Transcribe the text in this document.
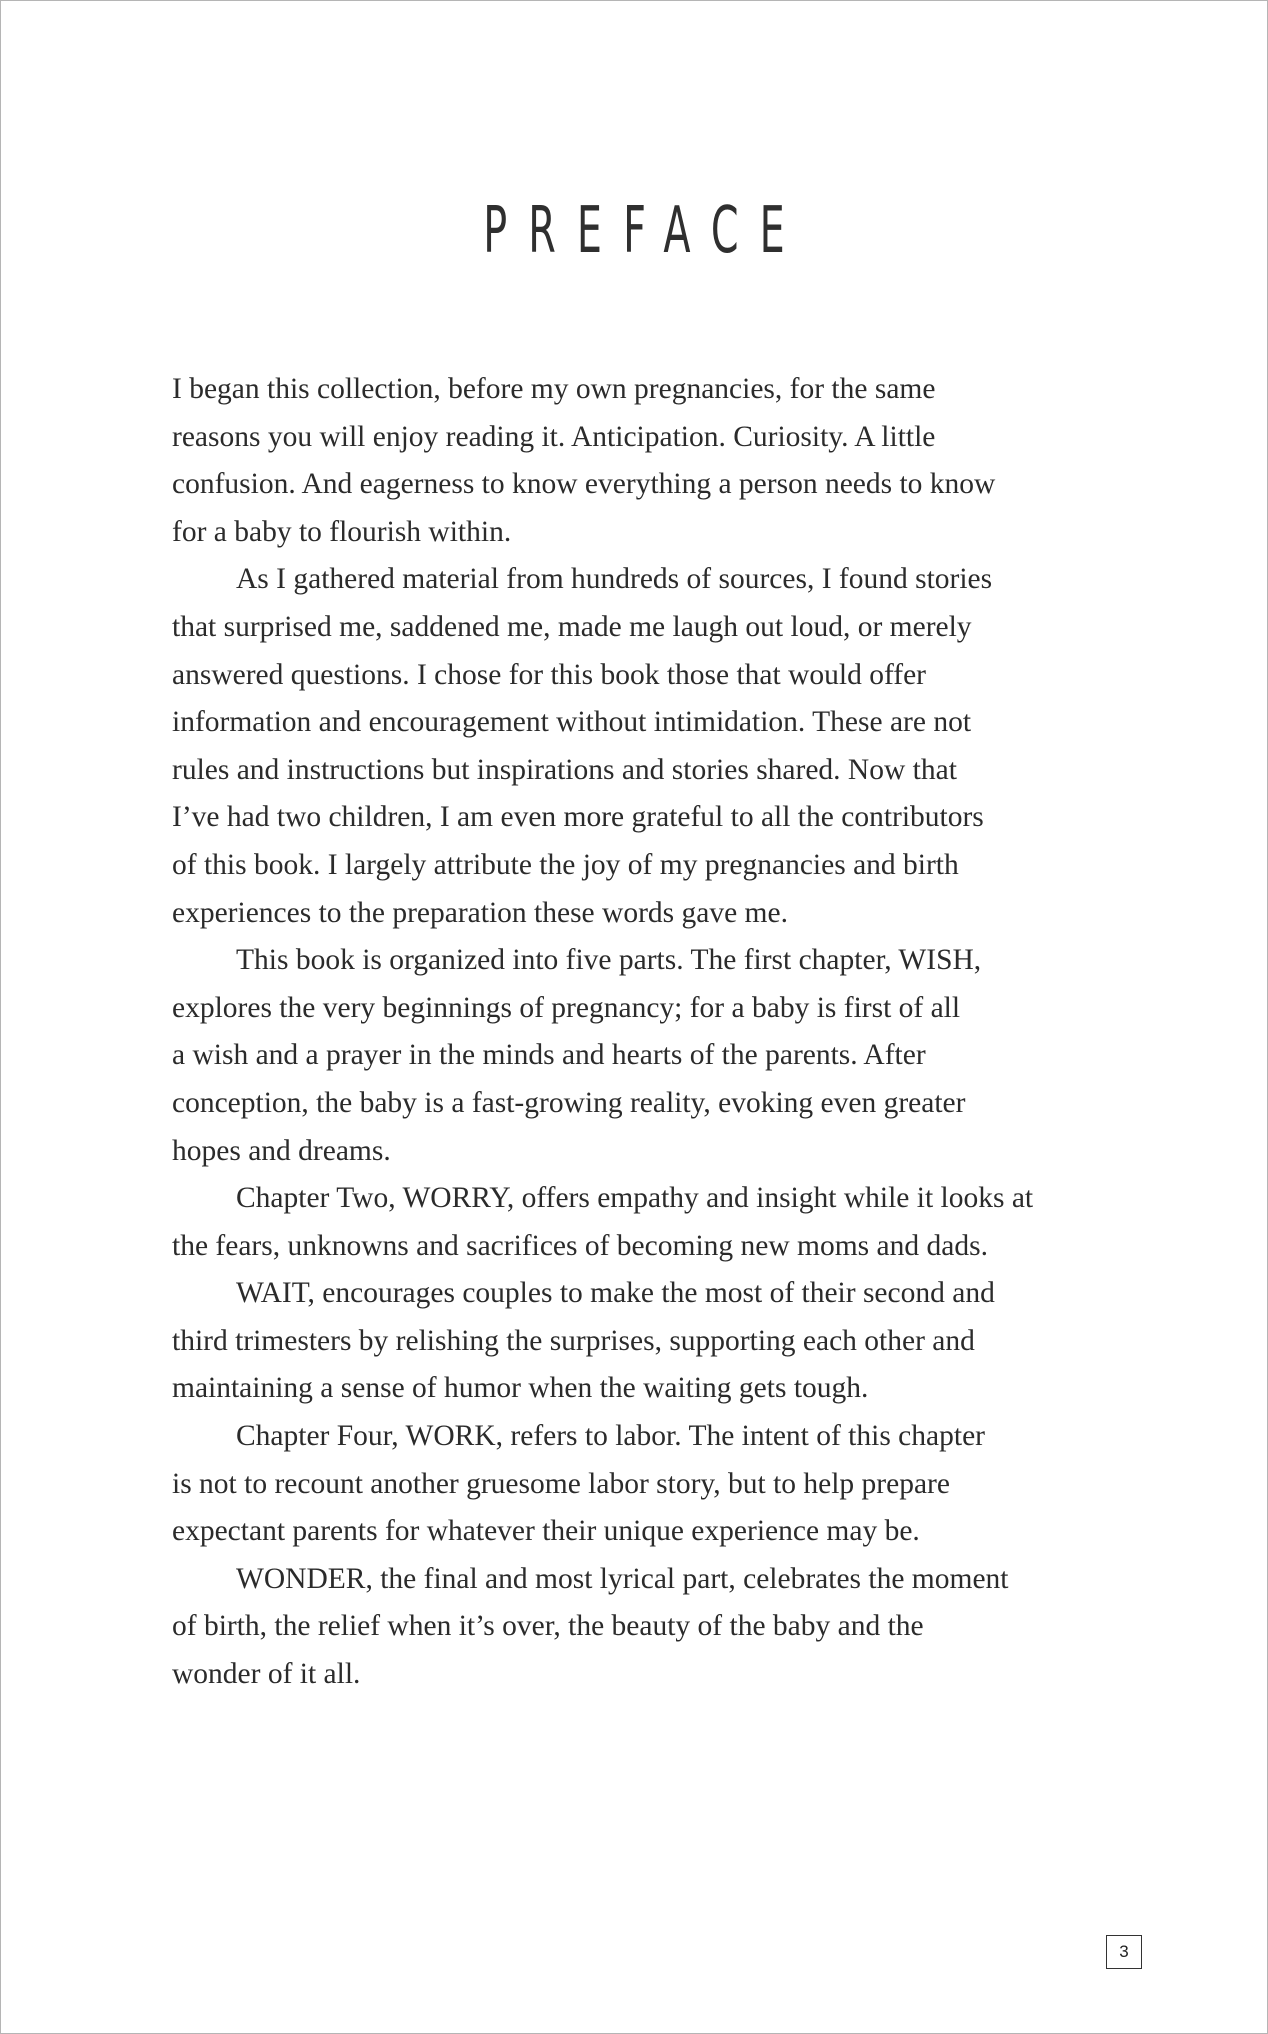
PREFACE

I began this collection, before my own pregnancies, for the same
reasons you will enjoy reading it. Anticipation. Curiosity. A little
confusion. And eagerness to know everything a person needs to know
for a baby to flourish within.

As I gathered material from hundreds of sources, I found stories
that surprised me, saddened me, made me laugh out loud, or merely
answered questions. I chose for this book those that would offer
information and encouragement without intimidation. These are not
rules and instructions but inspirations and stories shared. Now that
I’ve had two children, I am even more grateful to all the contributors
of this book. I largely attribute the joy of my pregnancies and birth
experiences to the preparation these words gave me.

This book is organized into five parts. The first chapter, WISH,
explores the very beginnings of pregnancy; for a baby is first of all
a wish and a prayer in the minds and hearts of the parents. After
conception, the baby is a fast-growing reality, evoking even greater
hopes and dreams.

Chapter Two, WORRY, offers empathy and insight while it looks at
the fears, unknowns and sacrifices of becoming new moms and dads.

WAIT, encourages couples to make the most of their second and
third trimesters by relishing the surprises, supporting each other and
maintaining a sense of humor when the waiting gets tough.

Chapter Four, WORK, refers to labor. The intent of this chapter
is not to recount another gruesome labor story, but to help prepare
expectant parents for whatever their unique experience may be.

WONDER, the final and most lyrical part, celebrates the moment
of birth, the relief when it’s over, the beauty of the baby and the
wonder of it all.

3
